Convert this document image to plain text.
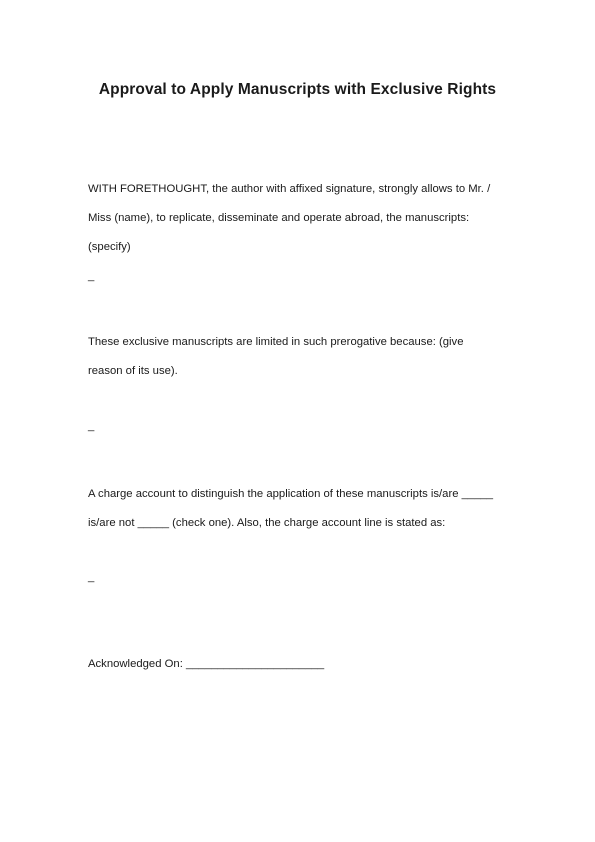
Approval to Apply Manuscripts with Exclusive Rights

WITH FORETHOUGHT, the author with affixed signature, strongly allows to Mr. /

Miss (name), to replicate, disseminate and operate abroad, the manuscripts:

(specify)

_

These exclusive manuscripts are limited in such prerogative because: (give

reason of its use).

_

A charge account to distinguish the application of these manuscripts is/are _____

is/are not _____ (check one). Also, the charge account line is stated as:

_

Acknowledged On: ______________________
